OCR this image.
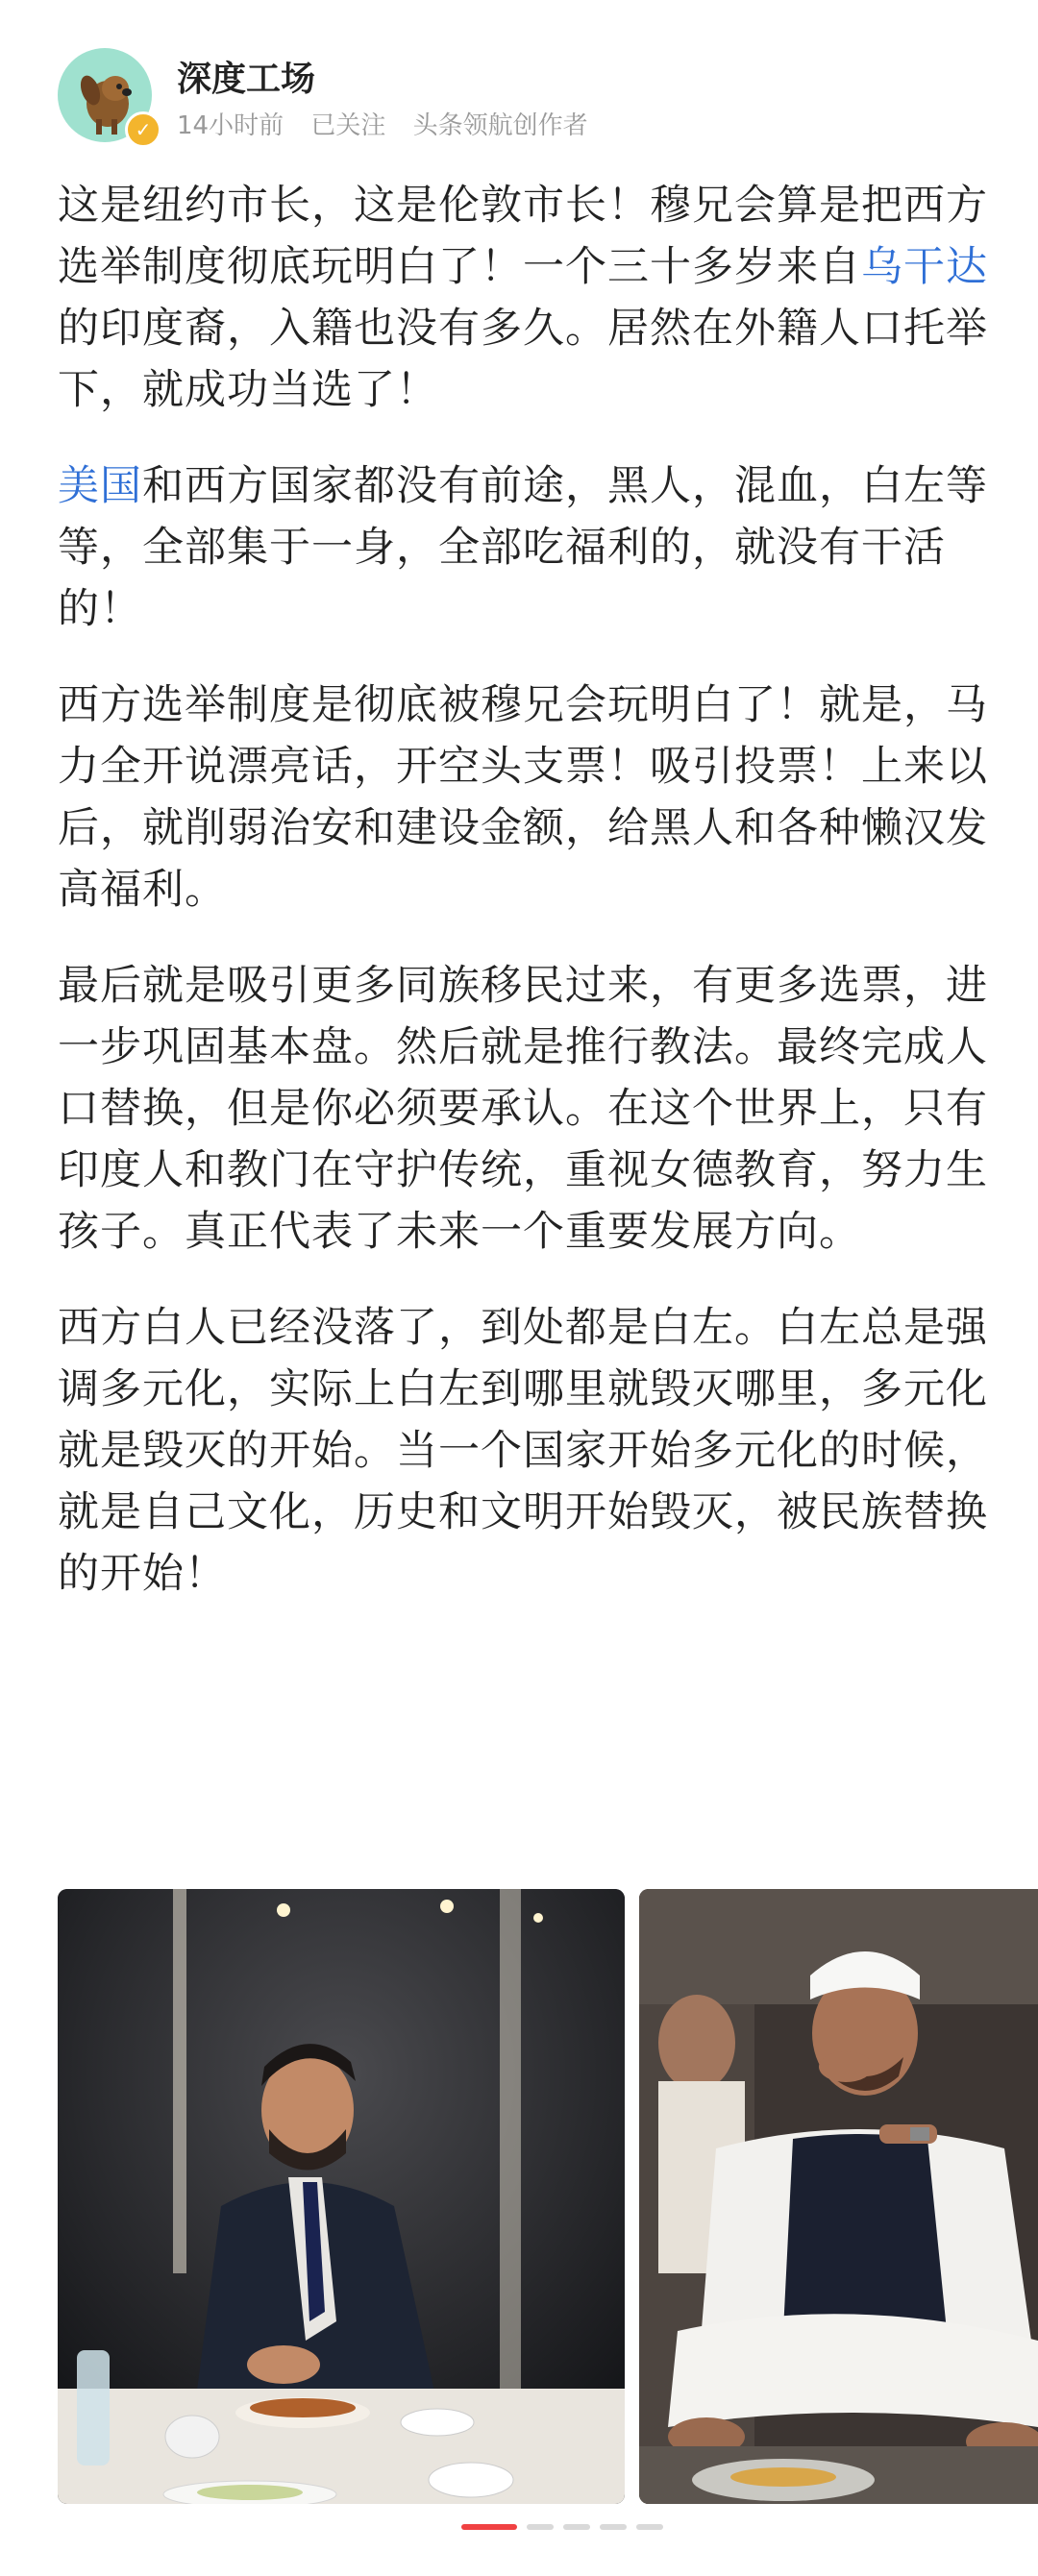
✓
深度工场
14小时前 已关注 头条领航创作者

这是纽约市长，这是伦敦市长！穆兄会算是把西方选举制度彻底玩明白了！一个三十多岁来自乌干达的印度裔，入籍也没有多久。居然在外籍人口托举下，就成功当选了！

美国和西方国家都没有前途，黑人，混血，白左等等，全部集于一身，全部吃福利的，就没有干活的！

西方选举制度是彻底被穆兄会玩明白了！就是，马力全开说漂亮话，开空头支票！吸引投票！上来以后，就削弱治安和建设金额，给黑人和各种懒汉发高福利。

最后就是吸引更多同族移民过来，有更多选票，进一步巩固基本盘。然后就是推行教法。最终完成人口替换，但是你必须要承认。在这个世界上，只有印度人和教门在守护传统，重视女德教育，努力生孩子。真正代表了未来一个重要发展方向。

西方白人已经没落了，到处都是白左。白左总是强调多元化，实际上白左到哪里就毁灭哪里，多元化就是毁灭的开始。当一个国家开始多元化的时候，就是自己文化，历史和文明开始毁灭，被民族替换的开始！
